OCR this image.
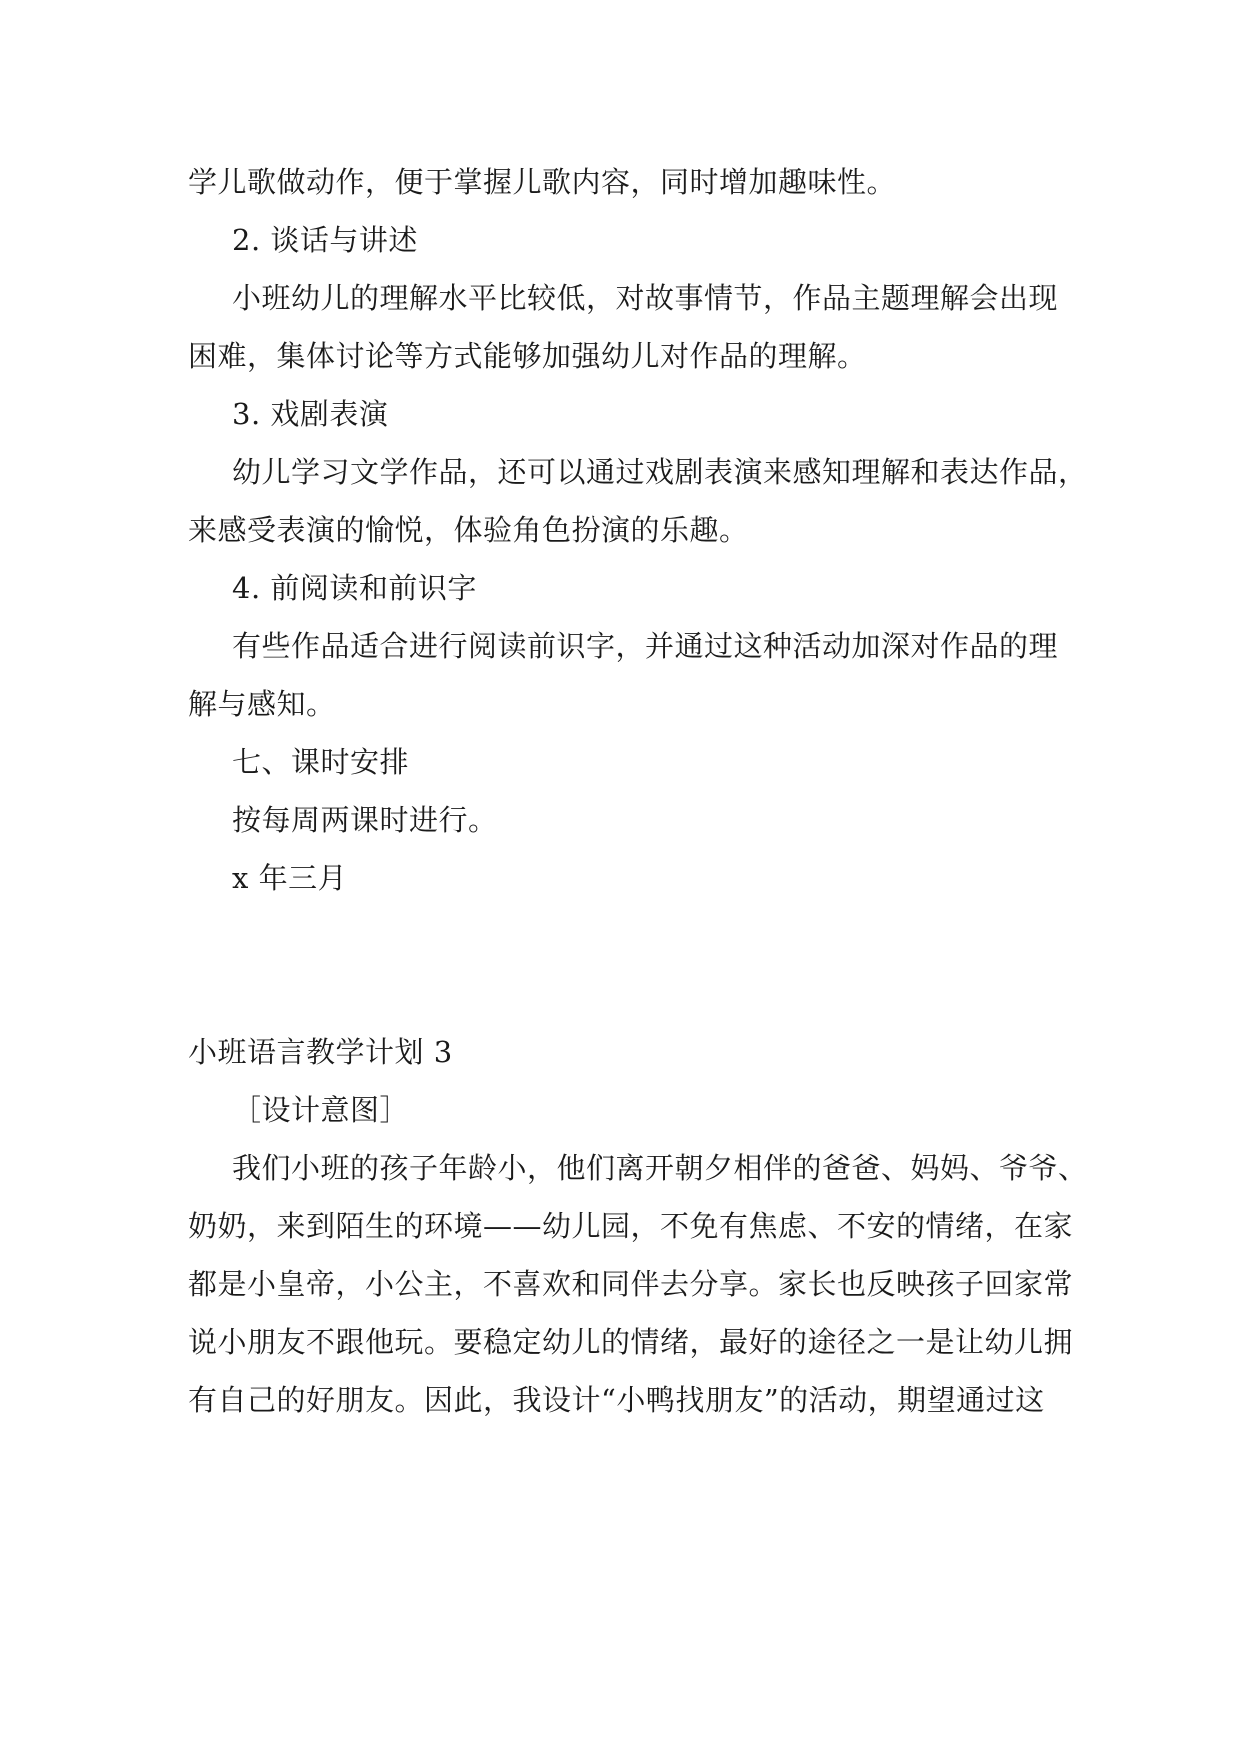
学儿歌做动作，便于掌握儿歌内容，同时增加趣味性。
2. 谈话与讲述
小班幼儿的理解水平比较低，对故事情节，作品主题理解会出现
困难，集体讨论等方式能够加强幼儿对作品的理解。
3. 戏剧表演
幼儿学习文学作品，还可以通过戏剧表演来感知理解和表达作品，
来感受表演的愉悦，体验角色扮演的乐趣。
4. 前阅读和前识字
有些作品适合进行阅读前识字，并通过这种活动加深对作品的理
解与感知。
七、课时安排
按每周两课时进行。
x 年三月
小班语言教学计划 3
［设计意图］
我们小班的孩子年龄小，他们离开朝夕相伴的爸爸、妈妈、爷爷、
奶奶，来到陌生的环境——幼儿园，不免有焦虑、不安的情绪，在家
都是小皇帝，小公主，不喜欢和同伴去分享。家长也反映孩子回家常
说小朋友不跟他玩。要稳定幼儿的情绪，最好的途径之一是让幼儿拥
有自己的好朋友。因此，我设计“小鸭找朋友”的活动，期望通过这
